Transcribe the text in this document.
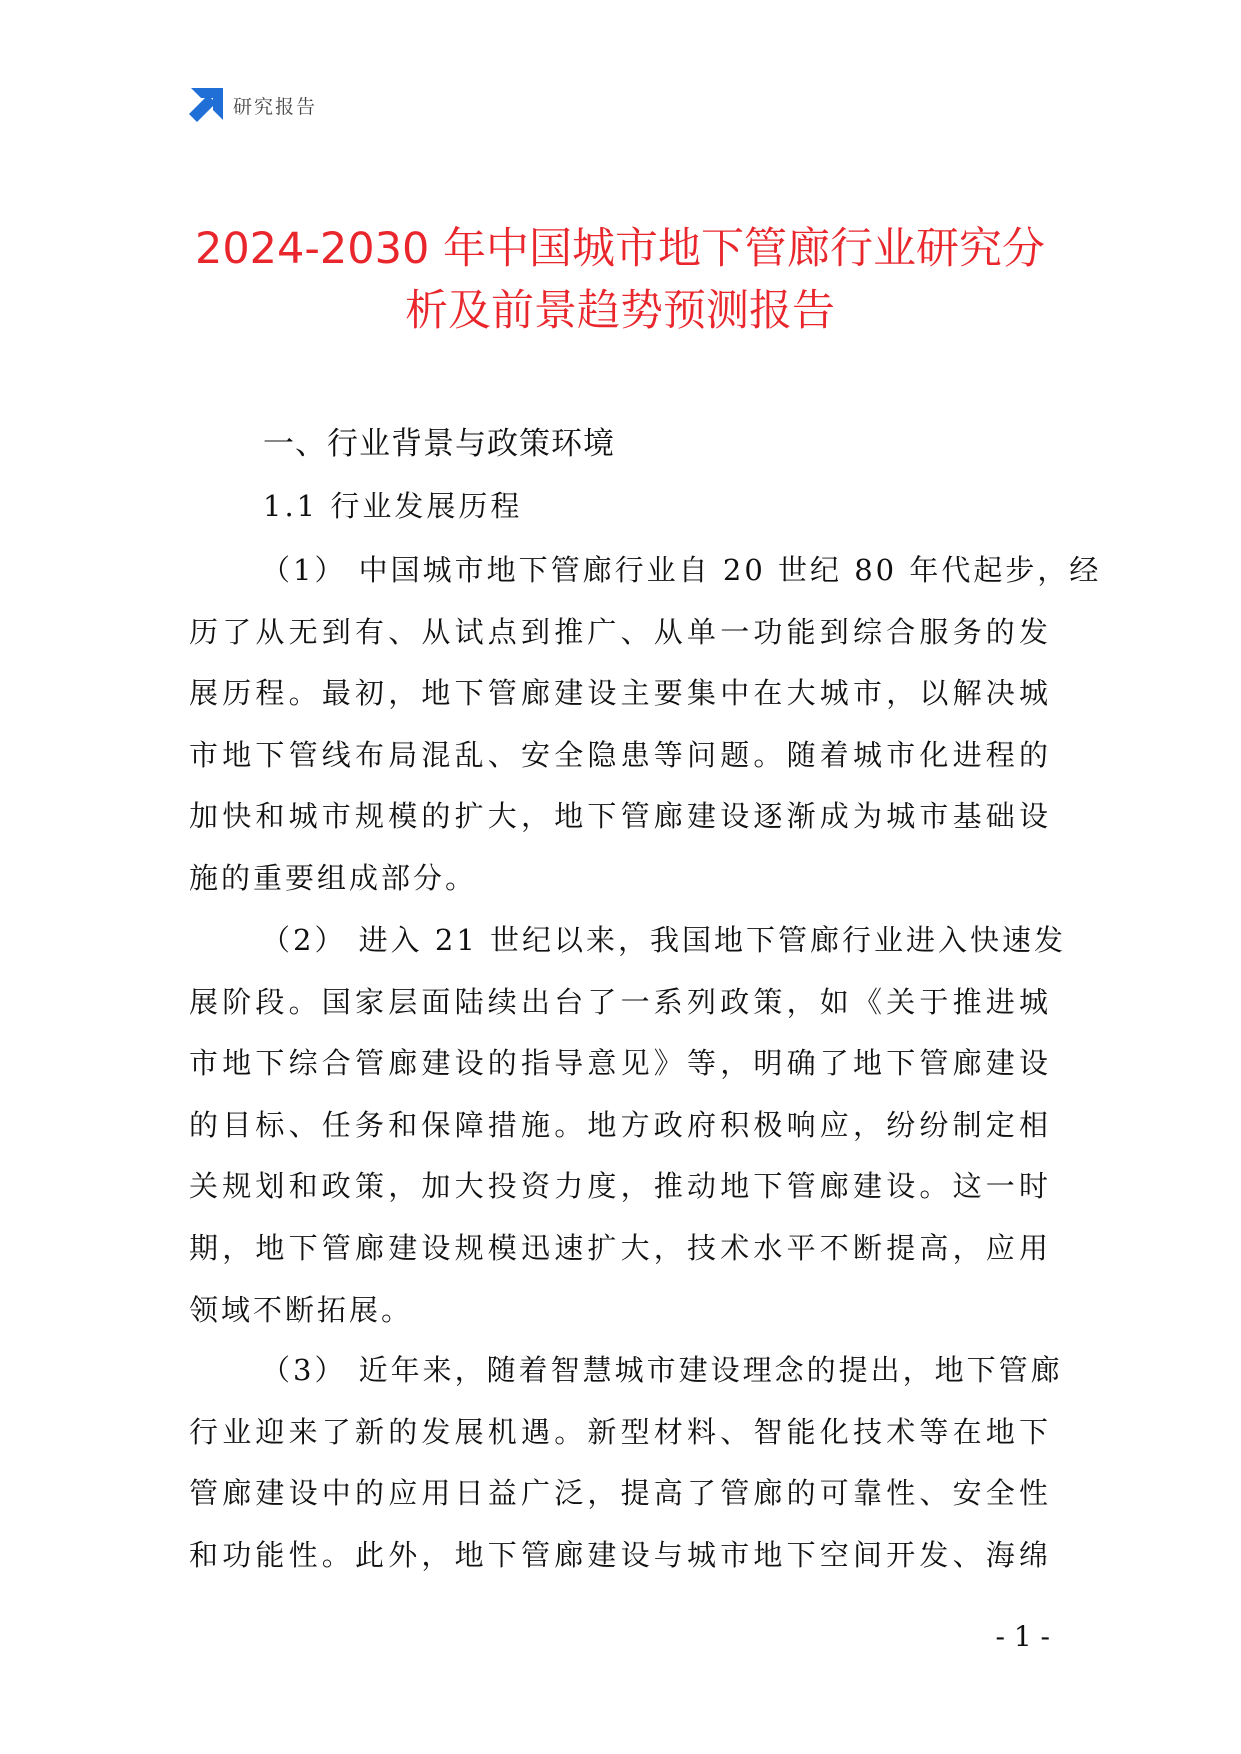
研究报告
2024-2030 年中国城市地下管廊行业研究分
析及前景趋势预测报告
一、行业背景与政策环境
1.1 行业发展历程
（1） 中国城市地下管廊行业自 20 世纪 80 年代起步，经
历了从无到有、从试点到推广、从单一功能到综合服务的发
展历程。最初，地下管廊建设主要集中在大城市，以解决城
市地下管线布局混乱、安全隐患等问题。随着城市化进程的
加快和城市规模的扩大，地下管廊建设逐渐成为城市基础设
施的重要组成部分。
（2） 进入 21 世纪以来，我国地下管廊行业进入快速发
展阶段。国家层面陆续出台了一系列政策，如《关于推进城
市地下综合管廊建设的指导意见》等，明确了地下管廊建设
的目标、任务和保障措施。地方政府积极响应，纷纷制定相
关规划和政策，加大投资力度，推动地下管廊建设。这一时
期，地下管廊建设规模迅速扩大，技术水平不断提高，应用
领域不断拓展。
（3） 近年来，随着智慧城市建设理念的提出，地下管廊
行业迎来了新的发展机遇。新型材料、智能化技术等在地下
管廊建设中的应用日益广泛，提高了管廊的可靠性、安全性
和功能性。此外，地下管廊建设与城市地下空间开发、海绵
- 1 -
